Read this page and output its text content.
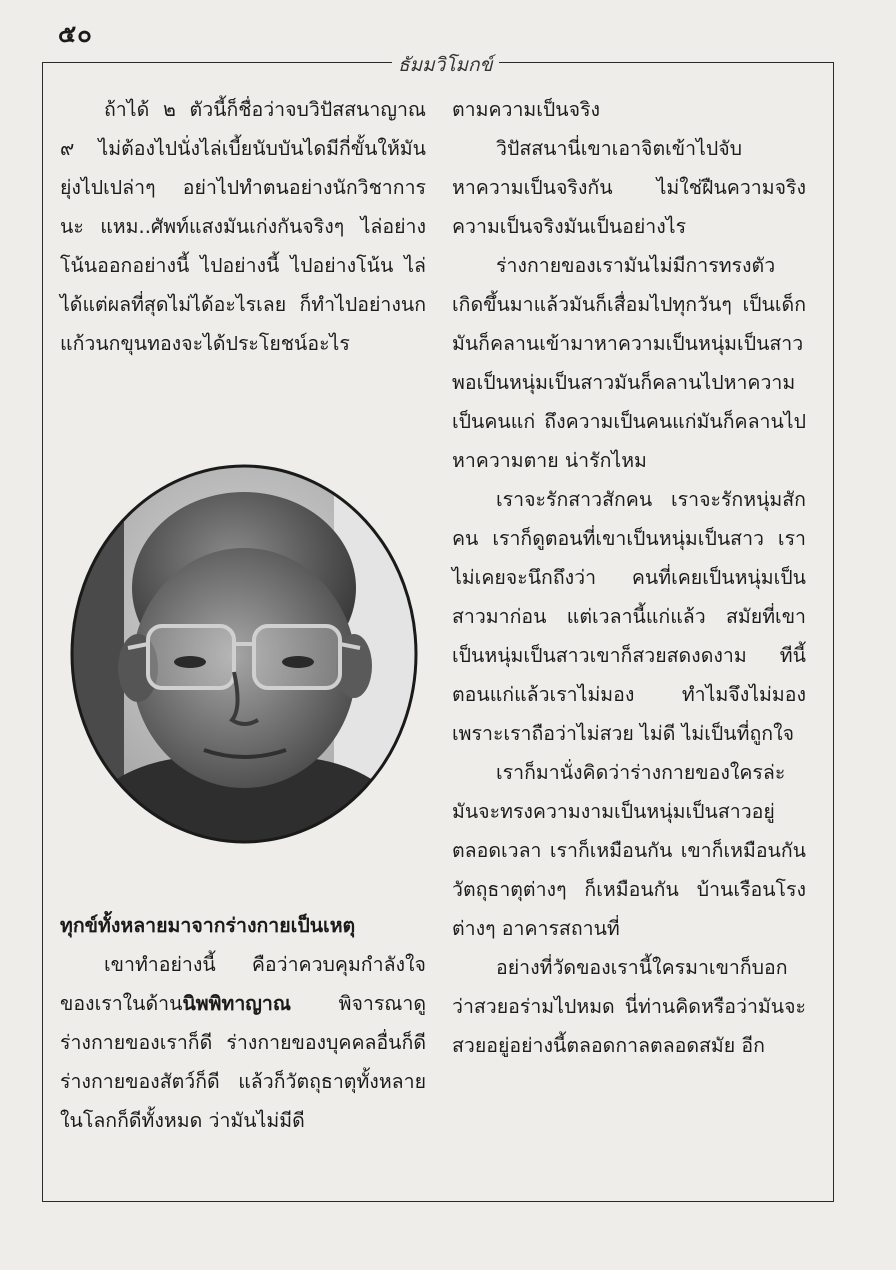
๕๐
ธัมมวิโมกข์

ถ้าได้ ๒ ตัวนี้ก็ชื่อว่าจบวิปัสสนาญาณ ๙ ไม่ต้องไปนั่งไล่เบี้ยนับบันไดมีกี่ขั้นให้มันยุ่งไปเปล่าๆ อย่าไปทำตนอย่างนักวิชาการนะ แหม..ศัพท์แสงมันเก่งกันจริงๆ ไล่อย่างโน้นออกอย่างนี้ ไปอย่างนี้ ไปอย่างโน้น ไล่ได้แต่ผลที่สุดไม่ได้อะไรเลย ก็ทำไปอย่างนกแก้วนกขุนทองจะได้ประโยชน์อะไร

ทุกข์ทั้งหลายมาจากร่างกายเป็นเหตุ

เขาทำอย่างนี้ คือว่าควบคุมกำลังใจของเราในด้านนิพพิทาญาณ พิจารณาดูร่างกายของเราก็ดี ร่างกายของบุคคลอื่นก็ดี ร่างกายของสัตว์ก็ดี แล้วก็วัตถุธาตุทั้งหลายในโลกก็ดีทั้งหมด ว่ามันไม่มีดี

ตามความเป็นจริง

วิปัสสนานี่เขาเอาจิตเข้าไปจับหาความเป็นจริงกัน ไม่ใช่ฝืนความจริง ความเป็นจริงมันเป็นอย่างไร

ร่างกายของเรามันไม่มีการทรงตัว เกิดขึ้นมาแล้วมันก็เสื่อมไปทุกวันๆ เป็นเด็กมันก็คลานเข้ามาหาความเป็นหนุ่มเป็นสาว พอเป็นหนุ่มเป็นสาวมันก็คลานไปหาความเป็นคนแก่ ถึงความเป็นคนแก่มันก็คลานไปหาความตาย น่ารักไหม

เราจะรักสาวสักคน เราจะรักหนุ่มสักคน เราก็ดูตอนที่เขาเป็นหนุ่มเป็นสาว เราไม่เคยจะนึกถึงว่า คนที่เคยเป็นหนุ่มเป็นสาวมาก่อน แต่เวลานี้แก่แล้ว สมัยที่เขาเป็นหนุ่มเป็นสาวเขาก็สวยสดงดงาม ทีนี้ตอนแก่แล้วเราไม่มอง ทำไมจึงไม่มอง เพราะเราถือว่าไม่สวย ไม่ดี ไม่เป็นที่ถูกใจ

เราก็มานั่งคิดว่าร่างกายของใครล่ะ มันจะทรงความงามเป็นหนุ่มเป็นสาวอยู่ตลอดเวลา เราก็เหมือนกัน เขาก็เหมือนกัน วัตถุธาตุต่างๆ ก็เหมือนกัน บ้านเรือนโรงต่างๆ อาคารสถานที่

อย่างที่วัดของเรานี้ใครมาเขาก็บอกว่าสวยอร่ามไปหมด นี่ท่านคิดหรือว่ามันจะสวยอยู่อย่างนี้ตลอดกาลตลอดสมัย อีก
